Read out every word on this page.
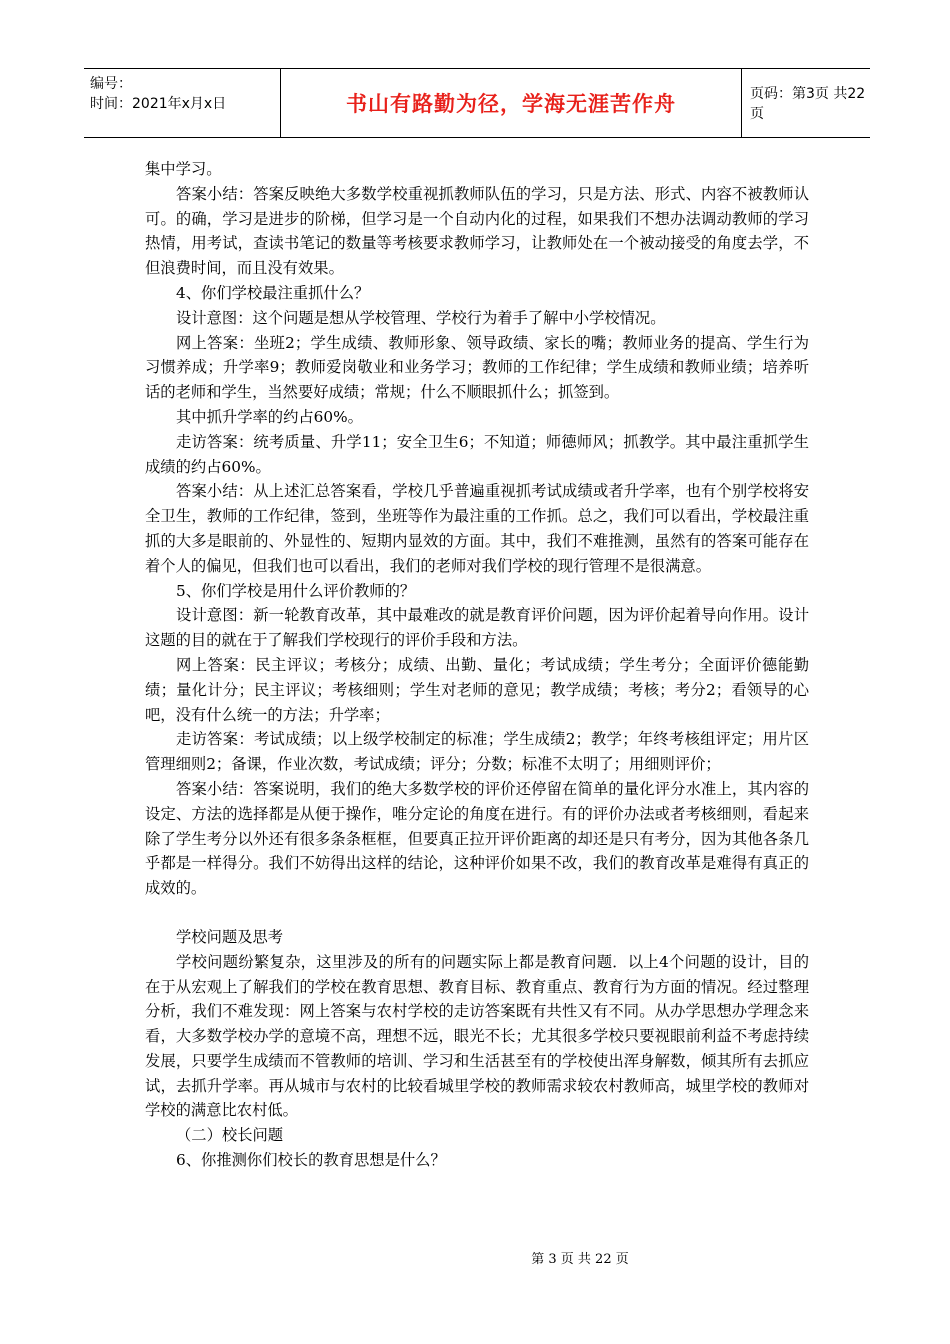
编号：
时间：2021年x月x日	书山有路勤为径，学海无涯苦作舟	页码：第3页 共22页

集中学习。

答案小结：答案反映绝大多数学校重视抓教师队伍的学习，只是方法、形式、内容不被教师认可。的确，学习是进步的阶梯，但学习是一个自动内化的过程，如果我们不想办法调动教师的学习热情，用考试，查读书笔记的数量等考核要求教师学习，让教师处在一个被动接受的角度去学，不但浪费时间，而且没有效果。

4、你们学校最注重抓什么？

设计意图：这个问题是想从学校管理、学校行为着手了解中小学校情况。

网上答案：坐班2；学生成绩、教师形象、领导政绩、家长的嘴；教师业务的提高、学生行为习惯养成；升学率9；教师爱岗敬业和业务学习；教师的工作纪律；学生成绩和教师业绩；培养听话的老师和学生，当然要好成绩；常规；什么不顺眼抓什么；抓签到。

其中抓升学率的约占60%。

走访答案：统考质量、升学11；安全卫生6；不知道；师德师风；抓教学。其中最注重抓学生成绩的约占60%。

答案小结：从上述汇总答案看，学校几乎普遍重视抓考试成绩或者升学率，也有个别学校将安全卫生，教师的工作纪律，签到，坐班等作为最注重的工作抓。总之，我们可以看出，学校最注重抓的大多是眼前的、外显性的、短期内显效的方面。其中，我们不难推测，虽然有的答案可能存在着个人的偏见，但我们也可以看出，我们的老师对我们学校的现行管理不是很满意。

5、你们学校是用什么评价教师的？

设计意图：新一轮教育改革，其中最难改的就是教育评价问题，因为评价起着导向作用。设计这题的目的就在于了解我们学校现行的评价手段和方法。

网上答案：民主评议；考核分；成绩、出勤、量化；考试成绩；学生考分；全面评价德能勤绩；量化计分；民主评议；考核细则；学生对老师的意见；教学成绩；考核；考分2；看领导的心吧，没有什么统一的方法；升学率；

走访答案：考试成绩；以上级学校制定的标准；学生成绩2；教学；年终考核组评定；用片区管理细则2；备课，作业次数，考试成绩；评分；分数；标准不太明了；用细则评价；

答案小结：答案说明，我们的绝大多数学校的评价还停留在简单的量化评分水准上，其内容的设定、方法的选择都是从便于操作，唯分定论的角度在进行。有的评价办法或者考核细则，看起来除了学生考分以外还有很多条条框框，但要真正拉开评价距离的却还是只有考分，因为其他各条几乎都是一样得分。我们不妨得出这样的结论，这种评价如果不改，我们的教育改革是难得有真正的成效的。

学校问题及思考

学校问题纷繁复杂，这里涉及的所有的问题实际上都是教育问题．以上4个问题的设计，目的在于从宏观上了解我们的学校在教育思想、教育目标、教育重点、教育行为方面的情况。经过整理分析，我们不难发现：网上答案与农村学校的走访答案既有共性又有不同。从办学思想办学理念来看，大多数学校办学的意境不高，理想不远，眼光不长；尤其很多学校只要视眼前利益不考虑持续发展，只要学生成绩而不管教师的培训、学习和生活甚至有的学校使出浑身解数，倾其所有去抓应试，去抓升学率。再从城市与农村的比较看城里学校的教师需求较农村教师高，城里学校的教师对学校的满意比农村低。

（二）校长问题

6、你推测你们校长的教育思想是什么？

第 3 页 共 22 页
